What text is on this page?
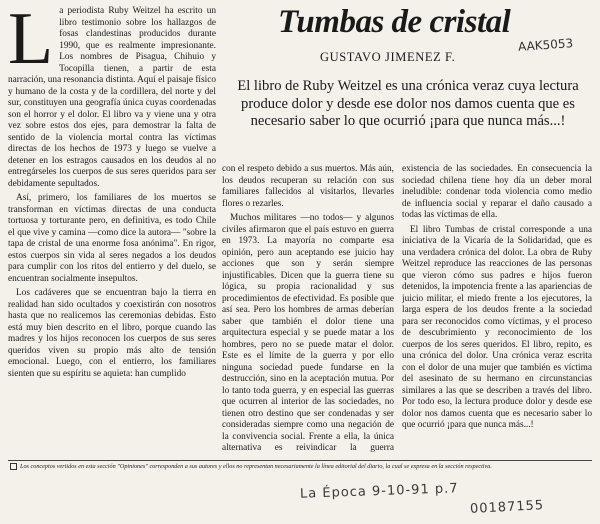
L a periodista Ruby Weitzel ha escrito un libro testimonio sobre los hallazgos de fosas clandestinas producidos durante 1990, que es realmente impresionante. Los nombres de Pisagua, Chihuio y Tocopilla tienen, a partir de esta narración, una resonancia distinta. Aquí el paisaje físico y humano de la costa y de la cordillera, del norte y del sur, constituyen una geografía única cuyas coordenadas son el horror y el dolor. El libro va y viene una y otra vez sobre estos dos ejes, para demostrar la falta de sentido de la violencia mortal contra las víctimas directas de los hechos de 1973 y luego se vuelve a detener en los estragos causados en los deudos al no entregárseles los cuerpos de sus seres queridos para ser debidamente sepultados.

Así, primero, los familiares de los muertos se transforman en víctimas directas de una conducta tortuosa y torturante pero, en definitiva, es todo Chile el que vive y camina —como dice la autora— "sobre la tapa de cristal de una enorme fosa anónima". En rigor, estos cuerpos sin vida al seres negados a los deudos para cumplir con los ritos del entierro y del duelo, se encuentran socialmente insepultos.

Los cadáveres que se encuentran bajo la tierra en realidad han sido ocultados y coexistirán con nosotros hasta que no realicemos las ceremonias debidas. Esto está muy bien descrito en el libro, porque cuando las madres y los hijos reconocen los cuerpos de sus seres queridos viven su propio más alto de tensión emocional. Luego, con el entierro, los familiares sienten que su espíritu se aquieta: han cumplido

Tumbas de cristal
GUSTAVO JIMENEZ F.
AAK5053
El libro de Ruby Weitzel es una crónica veraz cuya lectura produce dolor y desde ese dolor nos damos cuenta que es necesario saber lo que ocurrió ¡para que nunca más...!

con el respeto debido a sus muertos. Más aún, los deudos recuperan su relación con sus familiares fallecidos al visitarlos, llevarles flores o rezarles.

Muchos militares —no todos— y algunos civiles afirmaron que el país estuvo en guerra en 1973. La mayoría no comparte esa opinión, pero aun aceptando ese juicio hay acciones que son y serán siempre injustificables. Dicen que la guerra tiene su lógica, su propia racionalidad y sus procedimientos de efectividad. Es posible que así sea. Pero los hombres de armas deberían saber que también el dolor tiene una arquitectura especial y se puede matar a los hombres, pero no se puede matar el dolor. Este es el límite de la guerra y por ello ninguna sociedad puede fundarse en la destrucción, sino en la aceptación mutua. Por lo tanto toda guerra, y en especial las guerras que ocurren al interior de las sociedades, no tienen otro destino que ser condenadas y ser consideradas siempre como una negación de la convivencia social. Frente a ella, la única alternativa es reivindicar la guerra

existencia de las sociedades. En consecuencia la sociedad chilena tiene hoy día un deber moral ineludible: condenar toda violencia como medio de influencia social y reparar el daño causado a todas las víctimas de ella.

El libro Tumbas de cristal corresponde a una iniciativa de la Vicaría de la Solidaridad, que es una verdadera crónica del dolor. La obra de Ruby Weitzel reproduce las reacciones de las personas que vieron cómo sus padres e hijos fueron detenidos, la impotencia frente a las apariencias de juicio militar, el miedo frente a los ejecutores, la larga espera de los deudos frente a la sociedad para ser reconocidos como víctimas, y el proceso de descubrimiento y reconocimiento de los cuerpos de los seres queridos. El libro, repito, es una crónica del dolor. Una crónica veraz escrita con el dolor de una mujer que también es víctima del asesinato de su hermano en circunstancias similares a las que se describen a través del libro. Por todo eso, la lectura produce dolor y desde ese dolor nos damos cuenta que es necesario saber lo que ocurrió ¡para que nunca más...!

Los conceptos vertidos en esta sección "Opiniones" corresponden a sus autores y ellos no representan necesariamente la línea editorial del diario, la cual se expresa en la sección respectiva.
La Época 9-10-91 p.7
00187155
